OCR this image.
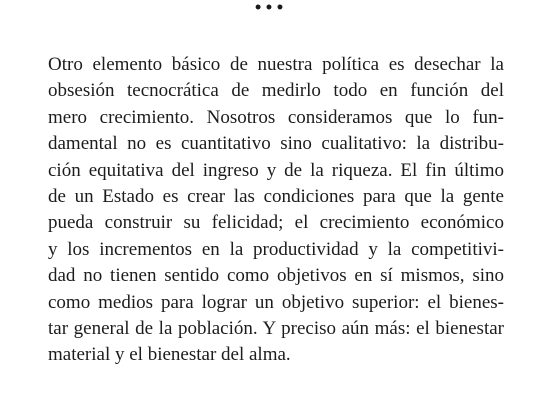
•••
Otro elemento básico de nuestra política es desechar la
obsesión tecnocrática de medirlo todo en función del
mero crecimiento. Nosotros consideramos que lo fun-
damental no es cuantitativo sino cualitativo: la distribu-
ción equitativa del ingreso y de la riqueza. El fin último
de un Estado es crear las condiciones para que la gente
pueda construir su felicidad; el crecimiento económico
y los incrementos en la productividad y la competitivi-
dad no tienen sentido como objetivos en sí mismos, sino
como medios para lograr un objetivo superior: el bienes-
tar general de la población. Y preciso aún más: el bienestar
material y el bienestar del alma.
